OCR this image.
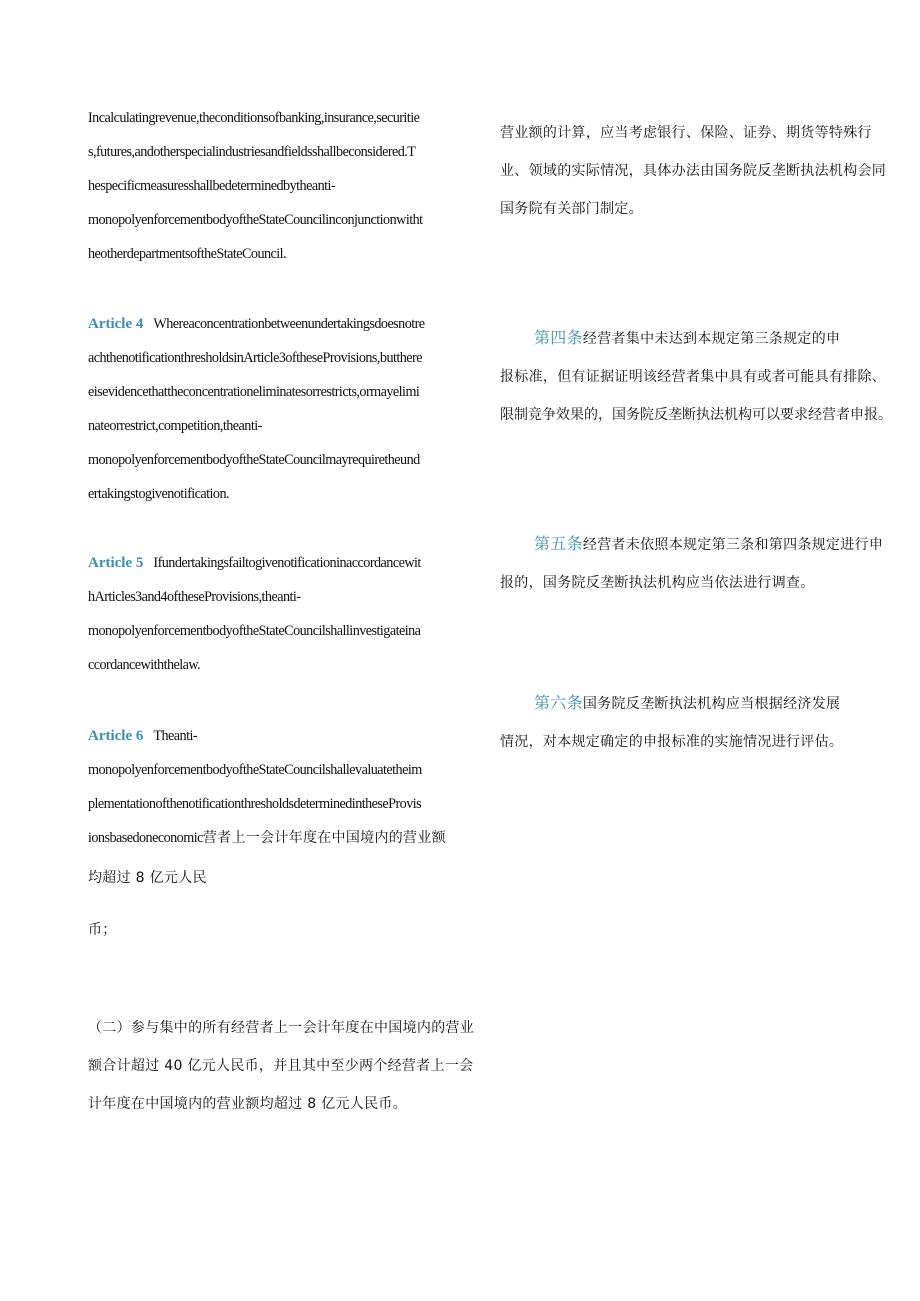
Incalculatingrevenue,theconditionsofbanking,insurance,securitie
s,futures,andotherspecialindustriesandfieldsshallbeconsidered.T
hespecificmeasuresshallbedeterminedbytheanti-
monopolyenforcementbodyoftheStateCouncilinconjunctionwitht
heotherdepartmentsoftheStateCouncil.
Article 4 Whereaconcentrationbetweenundertakingsdoesnotre
achthenotificationthresholdsinArticle3oftheseProvisions,butthere
eisevidencethattheconcentrationeliminatesorrestricts,ormayelimi
nateorrestrict,competition,theanti-
monopolyenforcementbodyoftheStateCouncilmayrequiretheund
ertakingstogivenotification.
Article 5 Ifundertakingsfailtogivenotificationinaccordancewit
hArticles3and4oftheseProvisions,theanti-
monopolyenforcementbodyoftheStateCouncilshallinvestigateina
ccordancewiththelaw.
Article 6 Theanti-
monopolyenforcementbodyoftheStateCouncilshallevaluatetheim
plementationofthenotificationthresholdsdeterminedintheseProvis
ionsbasedoneconomic营者上一会计年度在中国境内的营业额
均超过 8 亿元人民
币；
（二）参与集中的所有经营者上一会计年度在中国境内的营业
额合计超过 40 亿元人民币，并且其中至少两个经营者上一会
计年度在中国境内的营业额均超过 8 亿元人民币。
营业额的计算，应当考虑银行、保险、证券、期货等特殊行
业、领域的实际情况，具体办法由国务院反垄断执法机构会同
国务院有关部门制定。
第四条经营者集中未达到本规定第三条规定的申
报标准，但有证据证明该经营者集中具有或者可能具有排除、
限制竞争效果的，国务院反垄断执法机构可以要求经营者申报。
第五条经营者未依照本规定第三条和第四条规定进行申
报的，国务院反垄断执法机构应当依法进行调查。
第六条国务院反垄断执法机构应当根据经济发展
情况，对本规定确定的申报标准的实施情况进行评估。
